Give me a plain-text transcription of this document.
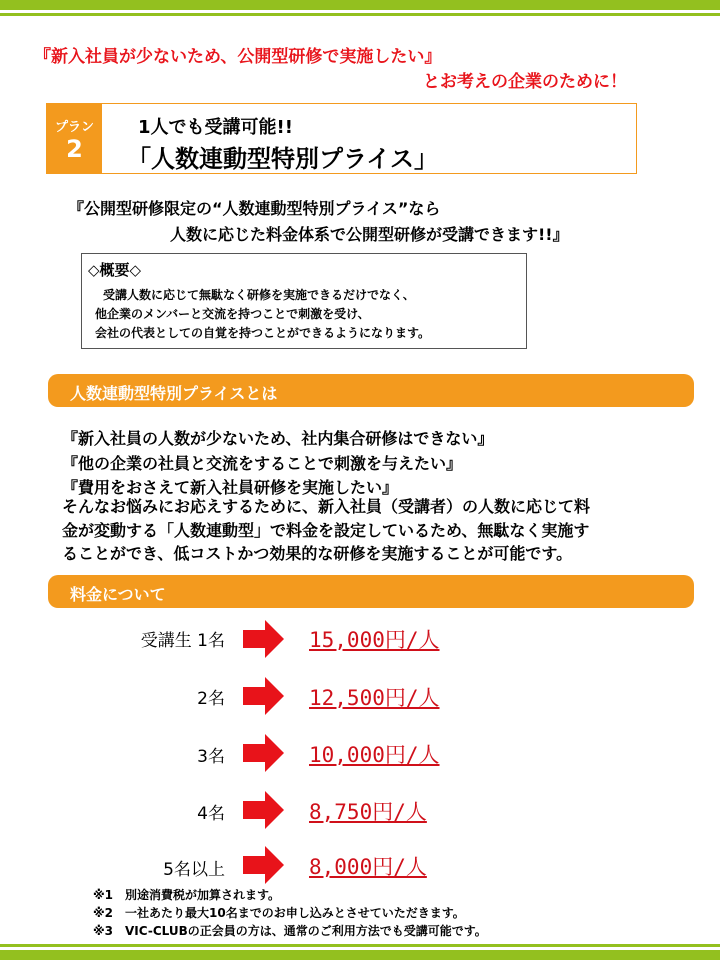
『新入社員が少ないため、公開型研修で実施したい』
とお考えの企業のために！
プラン
2
1人でも受講可能!!
「人数連動型特別プライス」
『公開型研修限定の“人数連動型特別プライス”なら
人数に応じた料金体系で公開型研修が受講できます!!』
◇概要◇
受講人数に応じて無駄なく研修を実施できるだけでなく、
他企業のメンバーと交流を持つことで刺激を受け、
会社の代表としての自覚を持つことができるようになります。
人数連動型特別プライスとは
『新入社員の人数が少ないため、社内集合研修はできない』
『他の企業の社員と交流をすることで刺激を与えたい』
『費用をおさえて新入社員研修を実施したい』
そんなお悩みにお応えするために、新入社員（受講者）の人数に応じて料
金が変動する「人数連動型」で料金を設定しているため、無駄なく実施す
ることができ、低コストかつ効果的な研修を実施することが可能です。
料金について
受講生 1名	15,000円/人
2名	12,500円/人
3名	10,000円/人
4名	8,750円/人
5名以上	8,000円/人
※1　別途消費税が加算されます。
※2　一社あたり最大10名までのお申し込みとさせていただきます。
※3　VIC-CLUBの正会員の方は、通常のご利用方法でも受講可能です。
